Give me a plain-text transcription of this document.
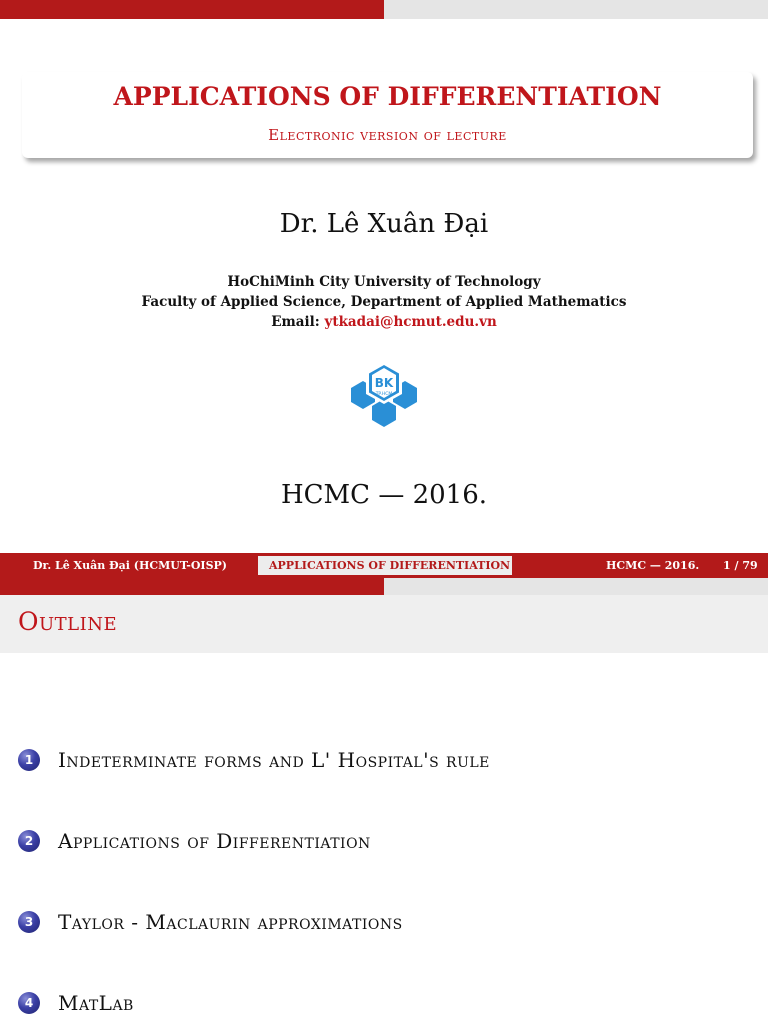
APPLICATIONS OF DIFFERENTIATION
Electronic version of lecture
Dr. Lê Xuân Đại
HoChiMinh City University of Technology
Faculty of Applied Science, Department of Applied Mathematics
Email: ytkadai@hcmut.edu.vn
BK
TP.HCM
HCMC — 2016.
Dr. Lê Xuân Đại (HCMUT-OISP)	APPLICATIONS OF DIFFERENTIATION	HCMC — 2016. 1 / 79
Outline
1	Indeterminate forms and L' Hospital's rule
2	Applications of Differentiation
3	Taylor - Maclaurin approximations
4	MatLab
